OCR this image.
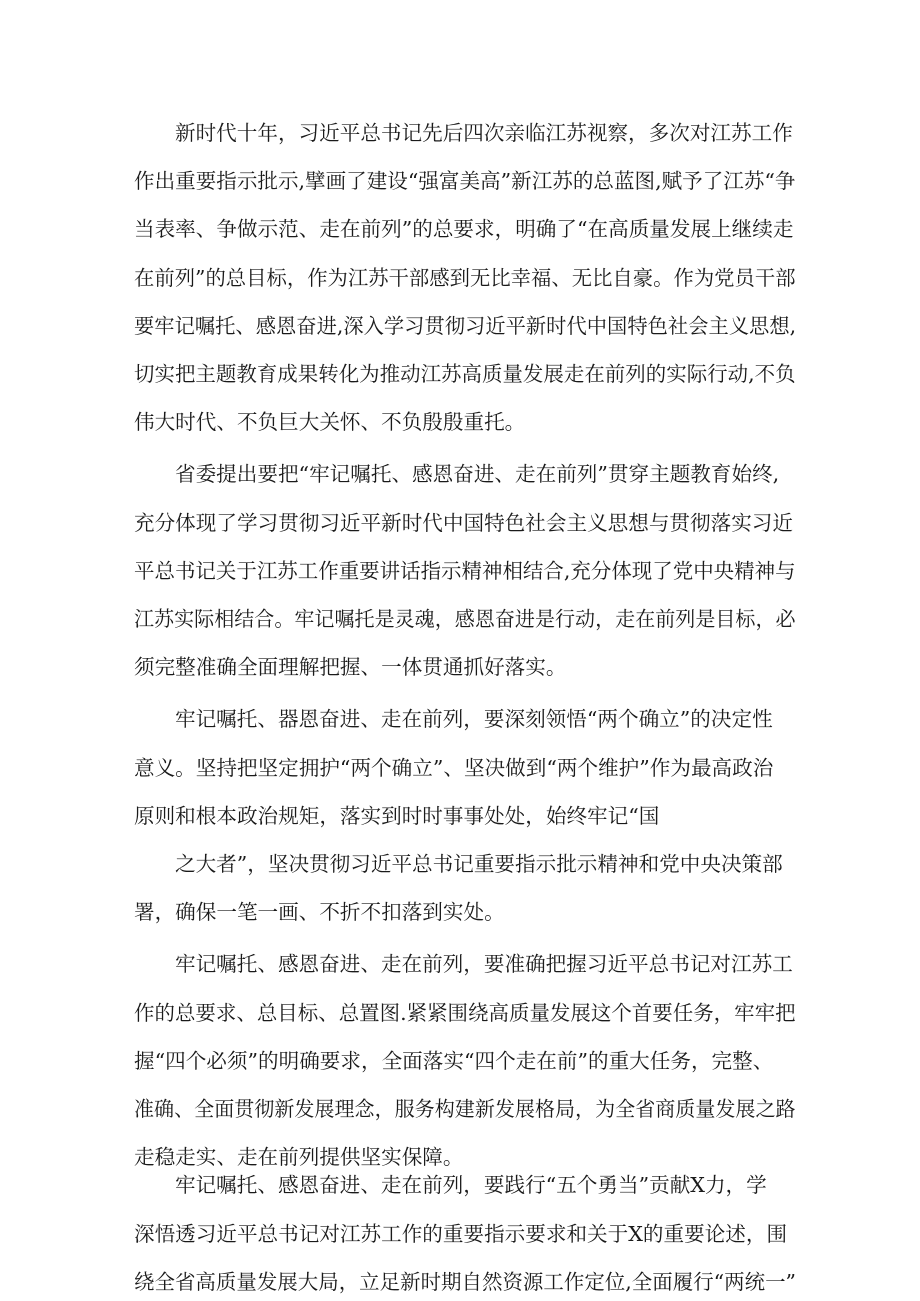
新时代十年，习近平总书记先后四次亲临江苏视察，多次对江苏工作
作出重要指示批示,擘画了建设“强富美高”新江苏的总蓝图,赋予了江苏“争
当表率、争做示范、走在前列”的总要求，明确了“在高质量发展上继续走
在前列”的总目标，作为江苏干部感到无比幸福、无比自豪。作为党员干部
要牢记嘱托、感恩奋进,深入学习贯彻习近平新时代中国特色社会主义思想,
切实把主题教育成果转化为推动江苏高质量发展走在前列的实际行动,不负
伟大时代、不负巨大关怀、不负殷殷重托。
省委提出要把“牢记嘱托、感恩奋进、走在前列”贯穿主题教育始终,
充分体现了学习贯彻习近平新时代中国特色社会主义思想与贯彻落实习近
平总书记关于江苏工作重要讲话指示精神相结合,充分体现了党中央精神与
江苏实际相结合。牢记嘱托是灵魂，感恩奋进是行动，走在前列是目标，必
须完整准确全面理解把握、一体贯通抓好落实。
牢记嘱托、器恩奋进、走在前列，要深刻领悟“两个确立”的决定性
意义。坚持把坚定拥护“两个确立”、坚决做到“两个维护”作为最高政治
原则和根本政治规矩，落实到时时事事处处，始终牢记“国
之大者”，坚决贯彻习近平总书记重要指示批示精神和党中央决策部
署，确保一笔一画、不折不扣落到实处。
牢记嘱托、感恩奋进、走在前列，要准确把握习近平总书记对江苏工
作的总要求、总目标、总置图.紧紧围绕高质量发展这个首要任务，牢牢把
握“四个必须”的明确要求，全面落实“四个走在前”的重大任务，完整、
准确、全面贯彻新发展理念，服务构建新发展格局，为全省商质量发展之路
走稳走实、走在前列提供坚实保障。
牢记嘱托、感恩奋进、走在前列，要践行“五个勇当”贡献X力，学
深悟透习近平总书记对江苏工作的重要指示要求和关于X的重要论述，围
绕全省高质量发展大局，立足新时期自然资源工作定位,全面履行“两统一”
